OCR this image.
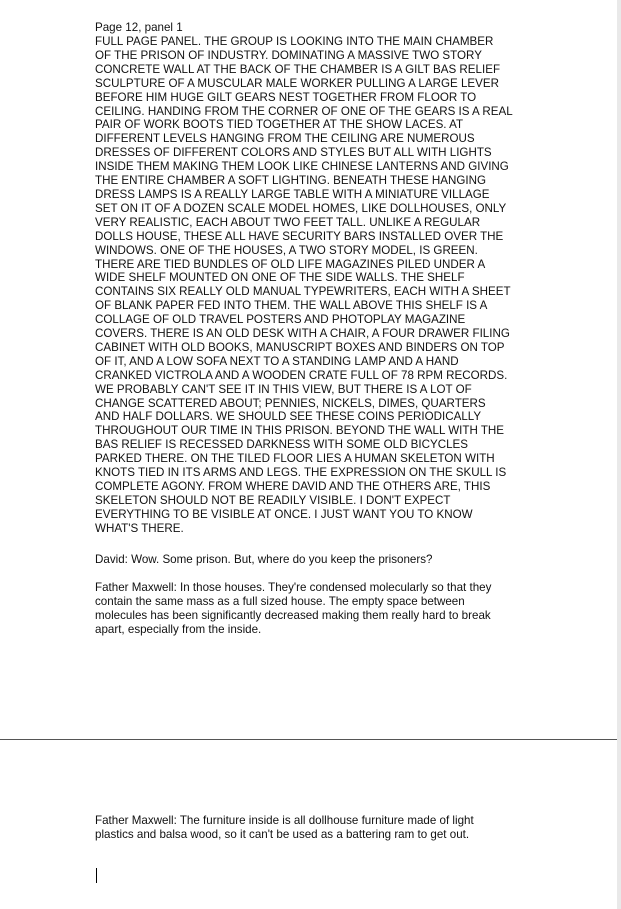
Page 12, panel 1

FULL PAGE PANEL. THE GROUP IS LOOKING INTO THE MAIN CHAMBER
OF THE PRISON OF INDUSTRY. DOMINATING A MASSIVE TWO STORY
CONCRETE WALL AT THE BACK OF THE CHAMBER IS A GILT BAS RELIEF
SCULPTURE OF A MUSCULAR MALE WORKER PULLING A LARGE LEVER
BEFORE HIM HUGE GILT GEARS NEST TOGETHER FROM FLOOR TO
CEILING. HANDING FROM THE CORNER OF ONE OF THE GEARS IS A REAL
PAIR OF WORK BOOTS TIED TOGETHER AT THE SHOW LACES. AT
DIFFERENT LEVELS HANGING FROM THE CEILING ARE NUMEROUS
DRESSES OF DIFFERENT COLORS AND STYLES BUT ALL WITH LIGHTS
INSIDE THEM MAKING THEM LOOK LIKE CHINESE LANTERNS AND GIVING
THE ENTIRE CHAMBER A SOFT LIGHTING. BENEATH THESE HANGING
DRESS LAMPS IS A REALLY LARGE TABLE WITH A MINIATURE VILLAGE
SET ON IT OF A DOZEN SCALE MODEL HOMES, LIKE DOLLHOUSES, ONLY
VERY REALISTIC, EACH ABOUT TWO FEET TALL. UNLIKE A REGULAR
DOLLS HOUSE, THESE ALL HAVE SECURITY BARS INSTALLED OVER THE
WINDOWS. ONE OF THE HOUSES, A TWO STORY MODEL, IS GREEN.
THERE ARE TIED BUNDLES OF OLD LIFE MAGAZINES PILED UNDER A
WIDE SHELF MOUNTED ON ONE OF THE SIDE WALLS. THE SHELF
CONTAINS SIX REALLY OLD MANUAL TYPEWRITERS, EACH WITH A SHEET
OF BLANK PAPER FED INTO THEM. THE WALL ABOVE THIS SHELF IS A
COLLAGE OF OLD TRAVEL POSTERS AND PHOTOPLAY MAGAZINE
COVERS. THERE IS AN OLD DESK WITH A CHAIR, A FOUR DRAWER FILING
CABINET WITH OLD BOOKS, MANUSCRIPT BOXES AND BINDERS ON TOP
OF IT, AND A LOW SOFA NEXT TO A STANDING LAMP AND A HAND
CRANKED VICTROLA AND A WOODEN CRATE FULL OF 78 RPM RECORDS.
WE PROBABLY CAN'T SEE IT IN THIS VIEW, BUT THERE IS A LOT OF
CHANGE SCATTERED ABOUT; PENNIES, NICKELS, DIMES, QUARTERS
AND HALF DOLLARS. WE SHOULD SEE THESE COINS PERIODICALLY
THROUGHOUT OUR TIME IN THIS PRISON. BEYOND THE WALL WITH THE
BAS RELIEF IS RECESSED DARKNESS WITH SOME OLD BICYCLES
PARKED THERE. ON THE TILED FLOOR LIES A HUMAN SKELETON WITH
KNOTS TIED IN ITS ARMS AND LEGS. THE EXPRESSION ON THE SKULL IS
COMPLETE AGONY. FROM WHERE DAVID AND THE OTHERS ARE, THIS
SKELETON SHOULD NOT BE READILY VISIBLE. I DON'T EXPECT
EVERYTHING TO BE VISIBLE AT ONCE. I JUST WANT YOU TO KNOW
WHAT'S THERE.

David: Wow. Some prison. But, where do you keep the prisoners?

Father Maxwell: In those houses. They're condensed molecularly so that they
contain the same mass as a full sized house. The empty space between
molecules has been significantly decreased making them really hard to break
apart, especially from the inside.

Father Maxwell: The furniture inside is all dollhouse furniture made of light
plastics and balsa wood, so it can't be used as a battering ram to get out.
